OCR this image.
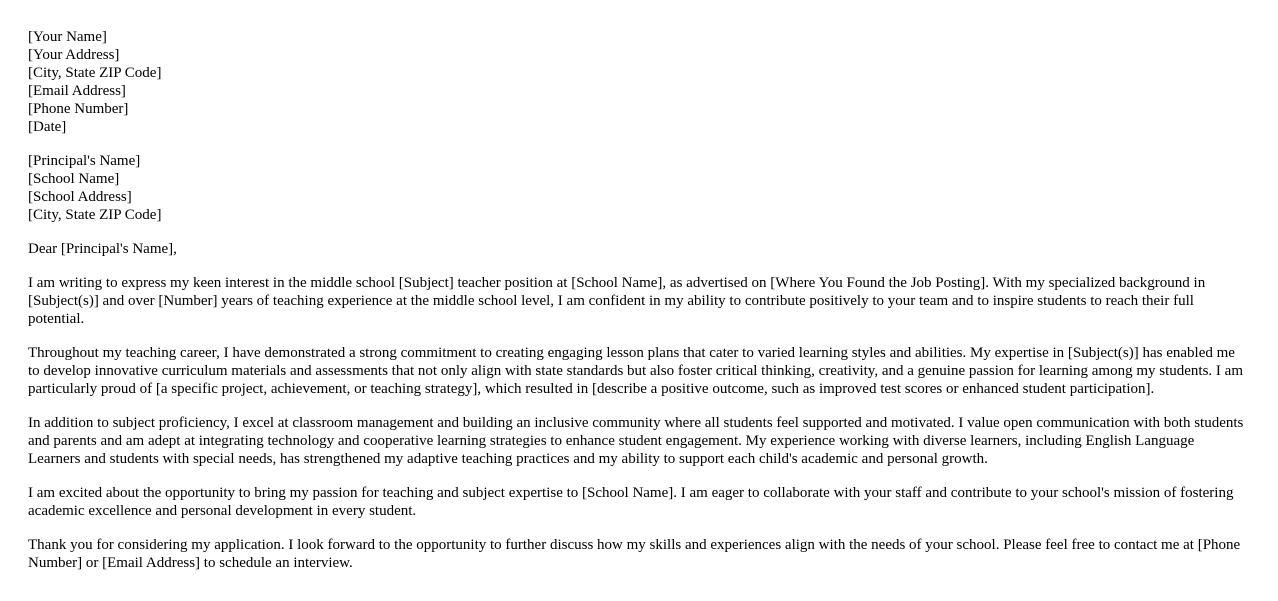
[Your Name]
[Your Address]
[City, State ZIP Code]
[Email Address]
[Phone Number]
[Date]
[Principal's Name]
[School Name]
[School Address]
[City, State ZIP Code]

Dear [Principal's Name],

I am writing to express my keen interest in the middle school [Subject] teacher position at [School Name], as advertised on [Where You Found the Job Posting]. With my specialized background in [Subject(s)] and over [Number] years of teaching experience at the middle school level, I am confident in my ability to contribute positively to your team and to inspire students to reach their full potential.

Throughout my teaching career, I have demonstrated a strong commitment to creating engaging lesson plans that cater to varied learning styles and abilities. My expertise in [Subject(s)] has enabled me to develop innovative curriculum materials and assessments that not only align with state standards but also foster critical thinking, creativity, and a genuine passion for learning among my students. I am particularly proud of [a specific project, achievement, or teaching strategy], which resulted in [describe a positive outcome, such as improved test scores or enhanced student participation].

In addition to subject proficiency, I excel at classroom management and building an inclusive community where all students feel supported and motivated. I value open communication with both students and parents and am adept at integrating technology and cooperative learning strategies to enhance student engagement. My experience working with diverse learners, including English Language Learners and students with special needs, has strengthened my adaptive teaching practices and my ability to support each child's academic and personal growth.

I am excited about the opportunity to bring my passion for teaching and subject expertise to [School Name]. I am eager to collaborate with your staff and contribute to your school's mission of fostering academic excellence and personal development in every student.

Thank you for considering my application. I look forward to the opportunity to further discuss how my skills and experiences align with the needs of your school. Please feel free to contact me at [Phone Number] or [Email Address] to schedule an interview.
